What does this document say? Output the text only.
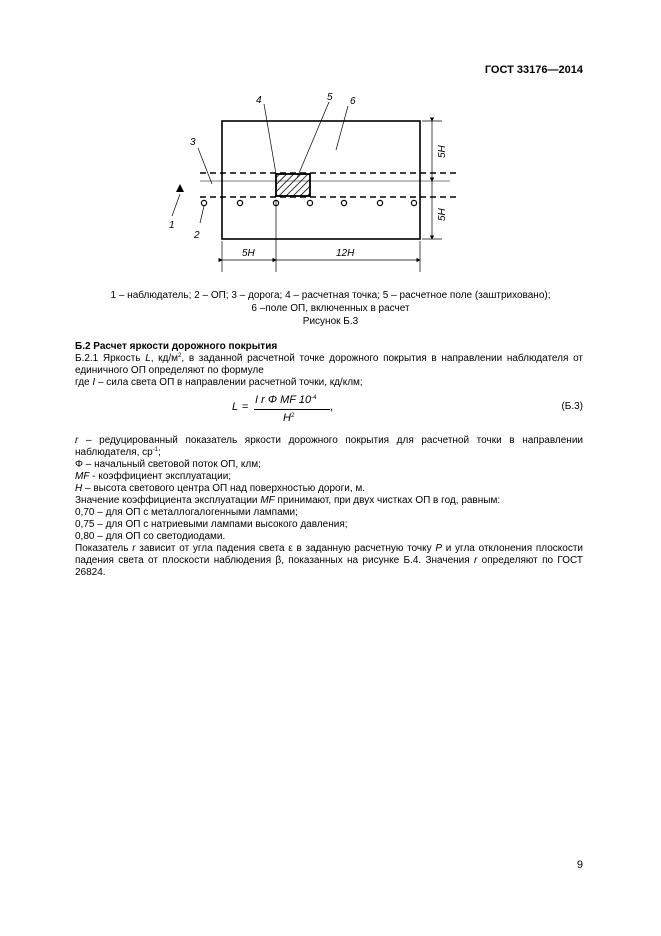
ГОСТ 33176—2014
1
2
3
4	5 6
5H	12H
5H
5H
1 – наблюдатель; 2 – ОП; 3 – дорога; 4 – расчетная точка; 5 – расчетное поле (заштриховано);
6 –поле ОП, включенных в расчет
Рисунок Б.3

Б.2 Расчет яркости дорожного покрытия

Б.2.1 Яркость L, $кд/м^2$, в заданной расчетной точке дорожного покрытия в направлении наблюдателя от единичного ОП определяют по формуле

где I – сила света ОП в направлении расчетной точки, кд/клм;

L =
I r Φ MF $10^{-4}$
$H^2$
,	(Б.3)

r – редуцированный показатель яркости дорожного покрытия для расчетной точки в направлении наблюдателя, $ср^{-1}$;

Φ – начальный световой поток ОП, клм;

MF - коэффициент эксплуатации;

H – высота светового центра ОП над поверхностью дороги, м.

Значение коэффициента эксплуатации MF принимают, при двух чистках ОП в год, равным:

0,70 – для ОП с металлогалогенными лампами;

0,75 – для ОП с натриевыми лампами высокого давления;

0,80 – для ОП со светодиодами.

Показатель r зависит от угла падения света ε в заданную расчетную точку P и угла отклонения плоскости падения света от плоскости наблюдения β, показанных на рисунке Б.4. Значения r определяют по ГОСТ 26824.

9
